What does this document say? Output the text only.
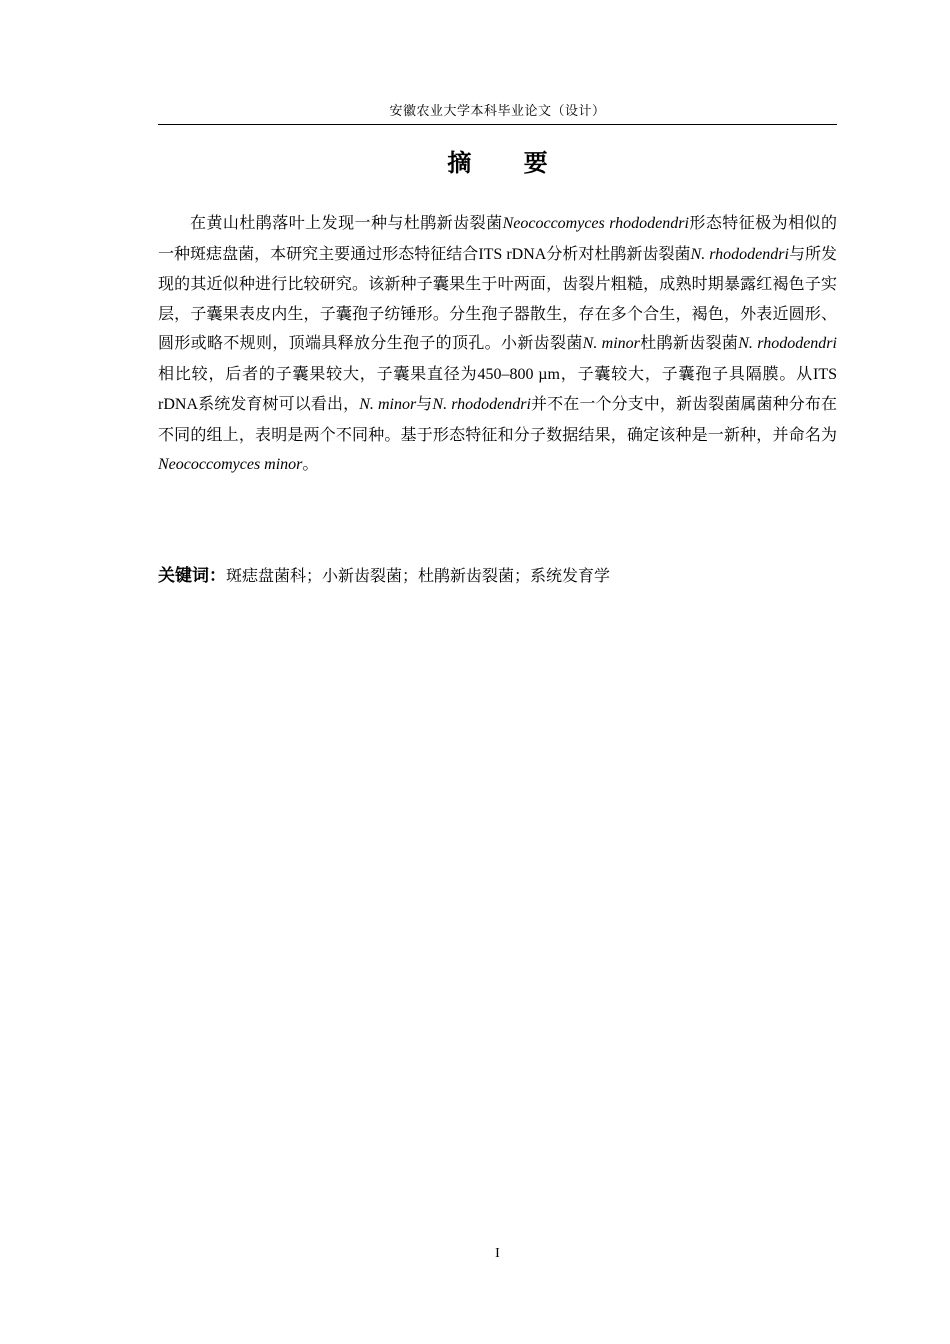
安徽农业大学本科毕业论文（设计）
摘 要

在黄山杜鹃落叶上发现一种与杜鹃新齿裂菌Neococcomyces rhododendri形态特征极为相似的一种斑痣盘菌，本研究主要通过形态特征结合ITS rDNA分析对杜鹃新齿裂菌N. rhododendri与所发现的其近似种进行比较研究。该新种子囊果生于叶两面，齿裂片粗糙，成熟时期暴露红褐色子实层，子囊果表皮内生，子囊孢子纺锤形。分生孢子器散生，存在多个合生，褐色，外表近圆形、圆形或略不规则，顶端具释放分生孢子的顶孔。小新齿裂菌N. minor杜鹃新齿裂菌N. rhododendri相比较，后者的子囊果较大，子囊果直径为450–800 µm，子囊较大，子囊孢子具隔膜。从ITS rDNA系统发育树可以看出，N. minor与N. rhododendri并不在一个分支中，新齿裂菌属菌种分布在不同的组上，表明是两个不同种。基于形态特征和分子数据结果，确定该种是一新种，并命名为Neococcomyces minor。

关键词：斑痣盘菌科；小新齿裂菌；杜鹃新齿裂菌；系统发育学
I
